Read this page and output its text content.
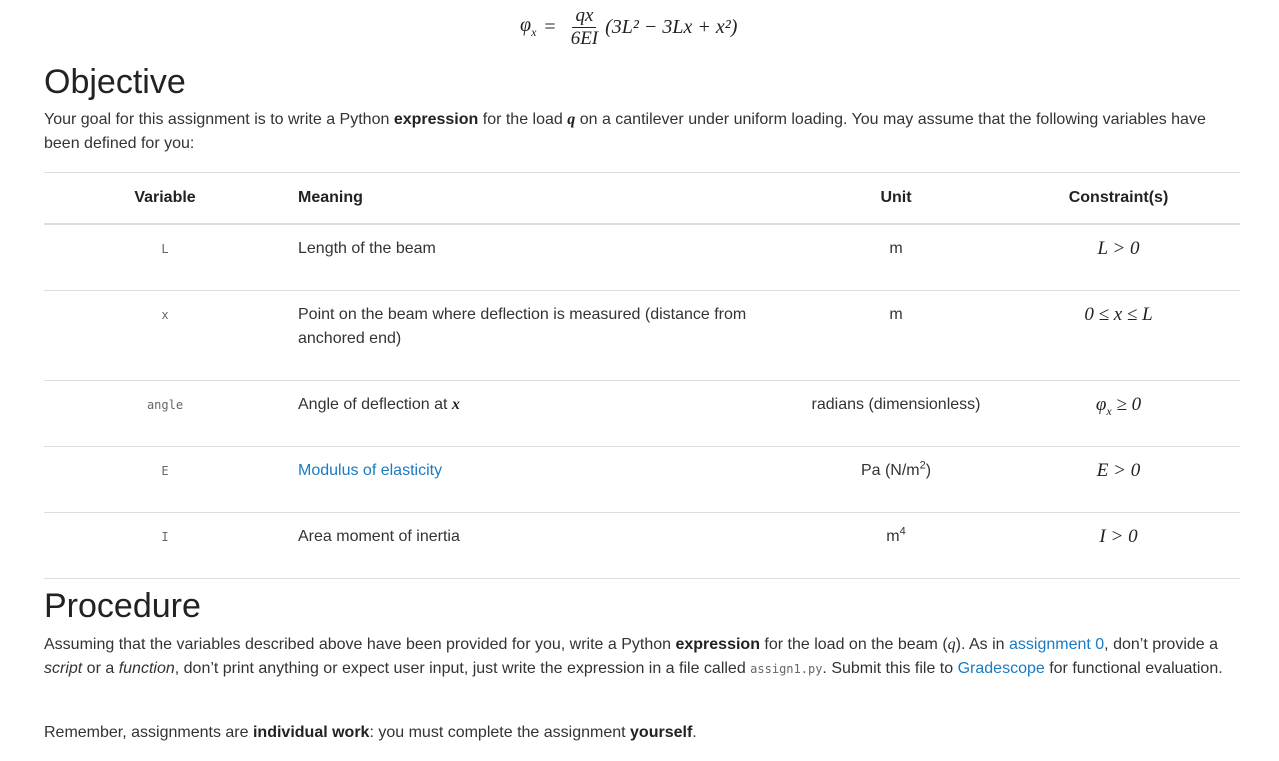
$\varphi_x = \frac{qx}{6EI} (3L^2 - 3Lx + x^2)$
Objective

Your goal for this assignment is to write a Python expression for the load q on a cantilever under uniform loading. You may assume that the following variables have been defined for you:

Variable	Meaning	Unit	Constraint(s)
L	Length of the beam	m	L > 0
x	Point on the beam where deflection is measured (distance from anchored end)	m	0 ≤ x ≤ L
angle	Angle of deflection at x	radians (dimensionless)	$\varphi_x \ge 0$
E	Modulus of elasticity	Pa $(N/m^2)$	E > 0
I	Area moment of inertia	$m^4$	I > 0
Procedure

Assuming that the variables described above have been provided for you, write a Python expression for the load on the beam (q). As in assignment 0, don’t provide a script or a function, don’t print anything or expect user input, just write the expression in a file called assign1.py. Submit this file to Gradescope for functional evaluation.

Remember, assignments are individual work: you must complete the assignment yourself.
